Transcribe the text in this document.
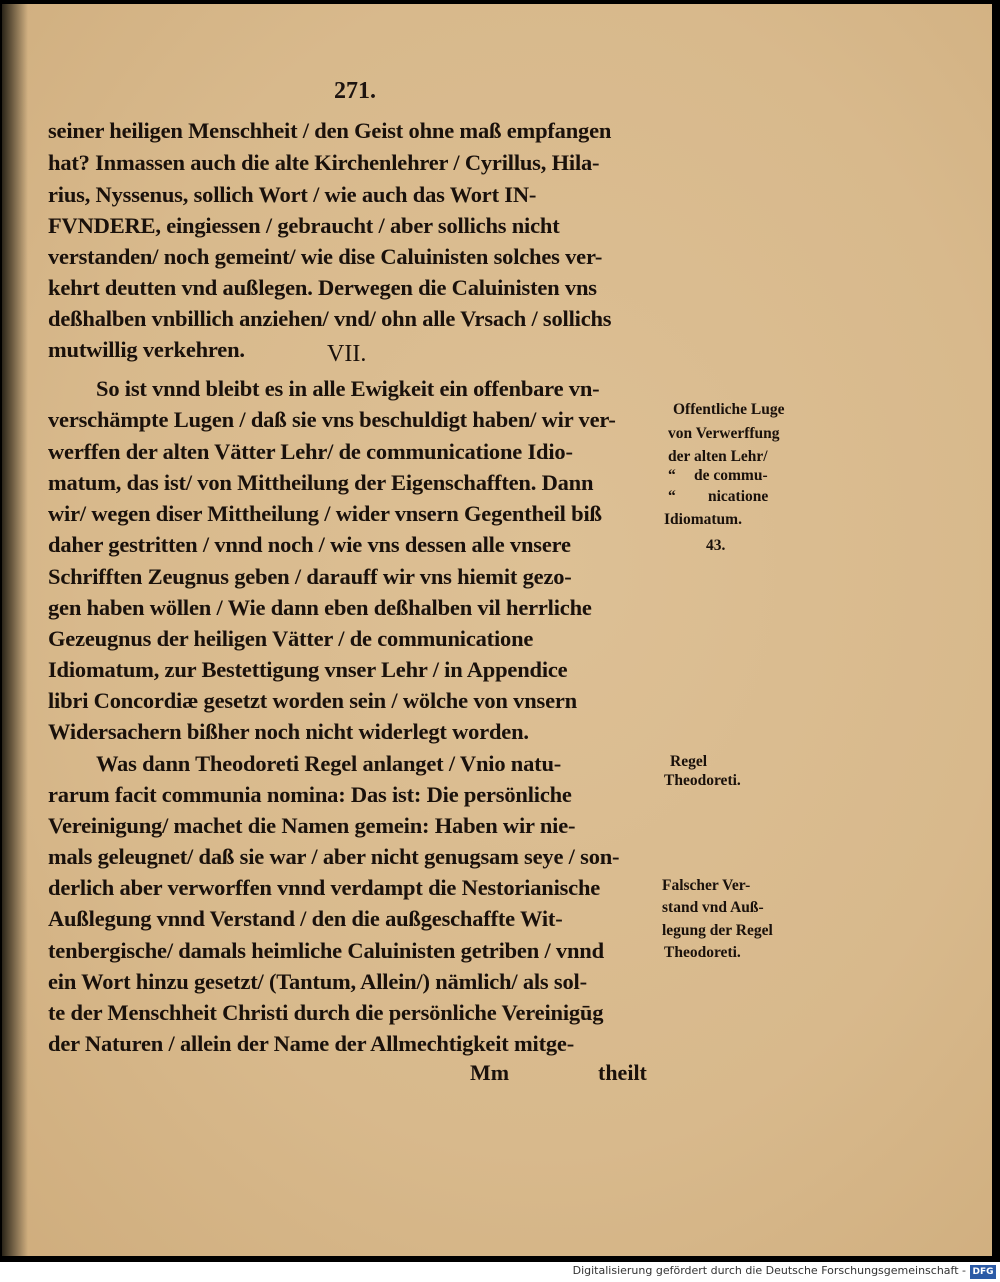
271.
seiner heiligen Menschheit / den Geist ohne maß empfangen
hat? Inmassen auch die alte Kirchenlehrer / Cyrillus, Hila-
rius, Nyssenus, sollich Wort / wie auch das Wort IN-
FVNDERE, eingiessen / gebraucht / aber sollichs nicht
verstanden/ noch gemeint/ wie dise Caluinisten solches ver-
kehrt deutten vnd außlegen. Derwegen die Caluinisten vns
deßhalben vnbillich anziehen/ vnd/ ohn alle Vrsach / sollichs
mutwillig verkehren.	VII.
So ist vnnd bleibt es in alle Ewigkeit ein offenbare vn-
verschämpte Lugen / daß sie vns beschuldigt haben/ wir ver-
werffen der alten Vätter Lehr/ de communicatione Idio-
matum, das ist/ von Mittheilung der Eigenschafften. Dann
wir/ wegen diser Mittheilung / wider vnsern Gegentheil biß
daher gestritten / vnnd noch / wie vns dessen alle vnsere
Schrifften Zeugnus geben / darauff wir vns hiemit gezo-
gen haben wöllen / Wie dann eben deßhalben vil herrliche
Gezeugnus der heiligen Vätter / de communicatione
Idiomatum, zur Bestettigung vnser Lehr / in Appendice
libri Concordiæ gesetzt worden sein / wölche von vnsern
Widersachern bißher noch nicht widerlegt worden.
Was dann Theodoreti Regel anlanget / Vnio natu-
rarum facit communia nomina: Das ist: Die persönliche
Vereinigung/ machet die Namen gemein: Haben wir nie-
mals geleugnet/ daß sie war / aber nicht genugsam seye / son-
derlich aber verworffen vnnd verdampt die Nestorianische
Außlegung vnnd Verstand / den die außgeschaffte Wit-
tenbergische/ damals heimliche Caluinisten getriben / vnnd
ein Wort hinzu gesetzt/ (Tantum, Allein/) nämlich/ als sol-
te der Menschheit Christi durch die persönliche Vereinigūg
der Naturen / allein der Name der Allmechtigkeit mitge-
Mm	theilt
Offentliche Luge
von Verwerffung
der alten Lehr/
“ de commu-
“ nicatione
Idiomatum.
43.
Regel
Theodoreti.
Falscher Ver-
stand vnd Auß-
legung der Regel
Theodoreti.
Digitalisierung gefördert durch die Deutsche Forschungsgemeinschaft - DFG
